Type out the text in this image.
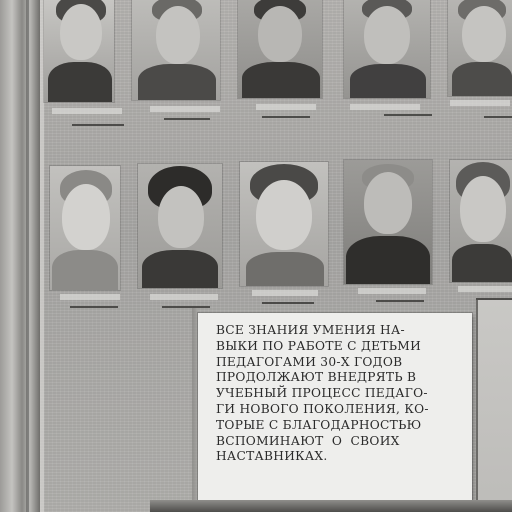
ВСЕ ЗНАНИЯ УМЕНИЯ НА-
ВЫКИ ПО РАБОТЕ С ДЕТЬМИ
ПЕДАГОГАМИ 30-Х ГОДОВ
ПРОДОЛЖАЮТ ВНЕДРЯТЬ В
УЧЕБНЫЙ ПРОЦЕСС ПЕДАГО-
ГИ НОВОГО ПОКОЛЕНИЯ, КО-
ТОРЫЕ С БЛАГОДАРНОСТЬЮ
ВСПОМИНАЮТ  О  СВОИХ
НАСТАВНИКАХ.
